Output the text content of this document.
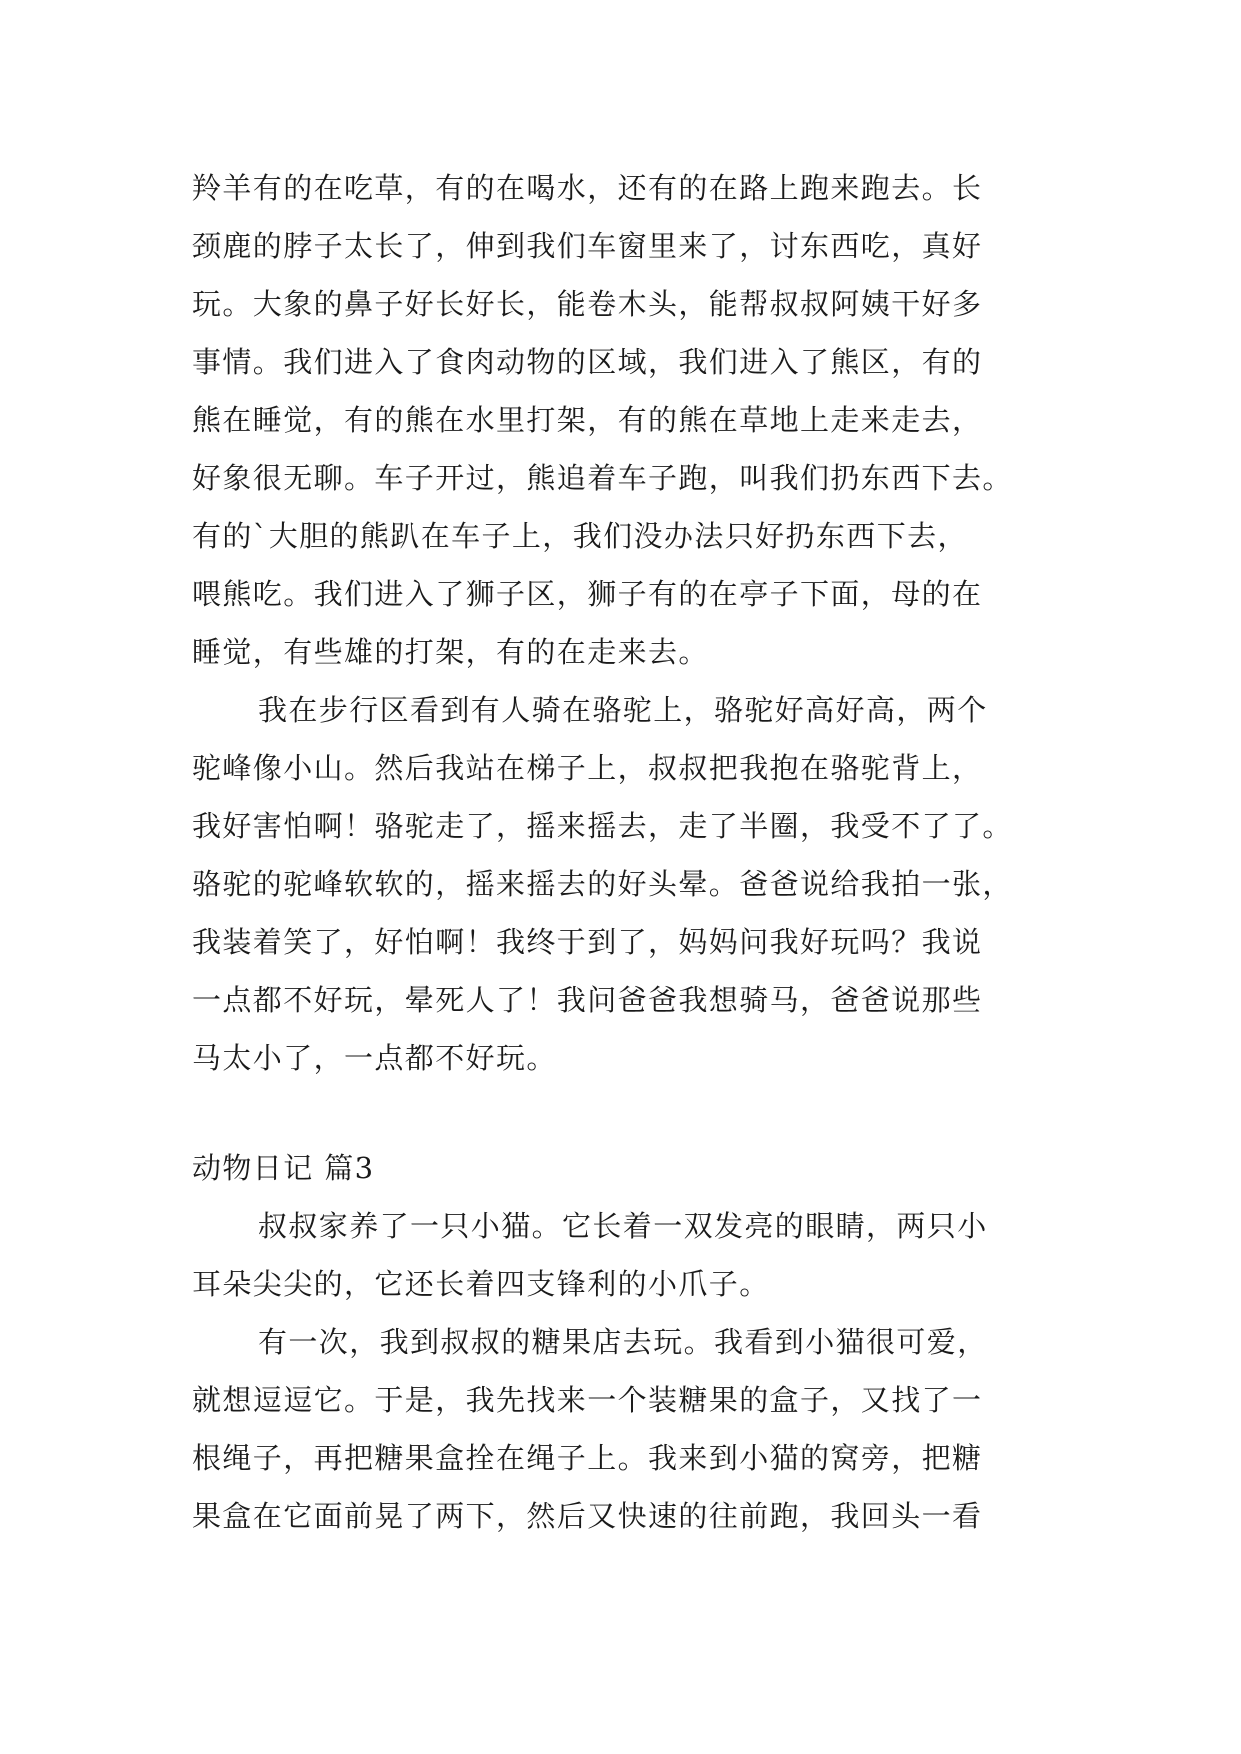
羚羊有的在吃草，有的在喝水，还有的在路上跑来跑去。长
颈鹿的脖子太长了，伸到我们车窗里来了，讨东西吃，真好
玩。大象的鼻子好长好长，能卷木头，能帮叔叔阿姨干好多
事情。我们进入了食肉动物的区域，我们进入了熊区，有的
熊在睡觉，有的熊在水里打架，有的熊在草地上走来走去，
好象很无聊。车子开过，熊追着车子跑，叫我们扔东西下去。
有的`大胆的熊趴在车子上，我们没办法只好扔东西下去，
喂熊吃。我们进入了狮子区，狮子有的在亭子下面，母的在
睡觉，有些雄的打架，有的在走来去。
我在步行区看到有人骑在骆驼上，骆驼好高好高，两个
驼峰像小山。然后我站在梯子上，叔叔把我抱在骆驼背上，
我好害怕啊！骆驼走了，摇来摇去，走了半圈，我受不了了。
骆驼的驼峰软软的，摇来摇去的好头晕。爸爸说给我拍一张，
我装着笑了，好怕啊！我终于到了，妈妈问我好玩吗？我说
一点都不好玩，晕死人了！我问爸爸我想骑马，爸爸说那些
马太小了，一点都不好玩。
动物日记 篇3
叔叔家养了一只小猫。它长着一双发亮的眼睛，两只小
耳朵尖尖的，它还长着四支锋利的小爪子。
有一次，我到叔叔的糖果店去玩。我看到小猫很可爱，
就想逗逗它。于是，我先找来一个装糖果的盒子，又找了一
根绳子，再把糖果盒拴在绳子上。我来到小猫的窝旁，把糖
果盒在它面前晃了两下，然后又快速的往前跑，我回头一看
